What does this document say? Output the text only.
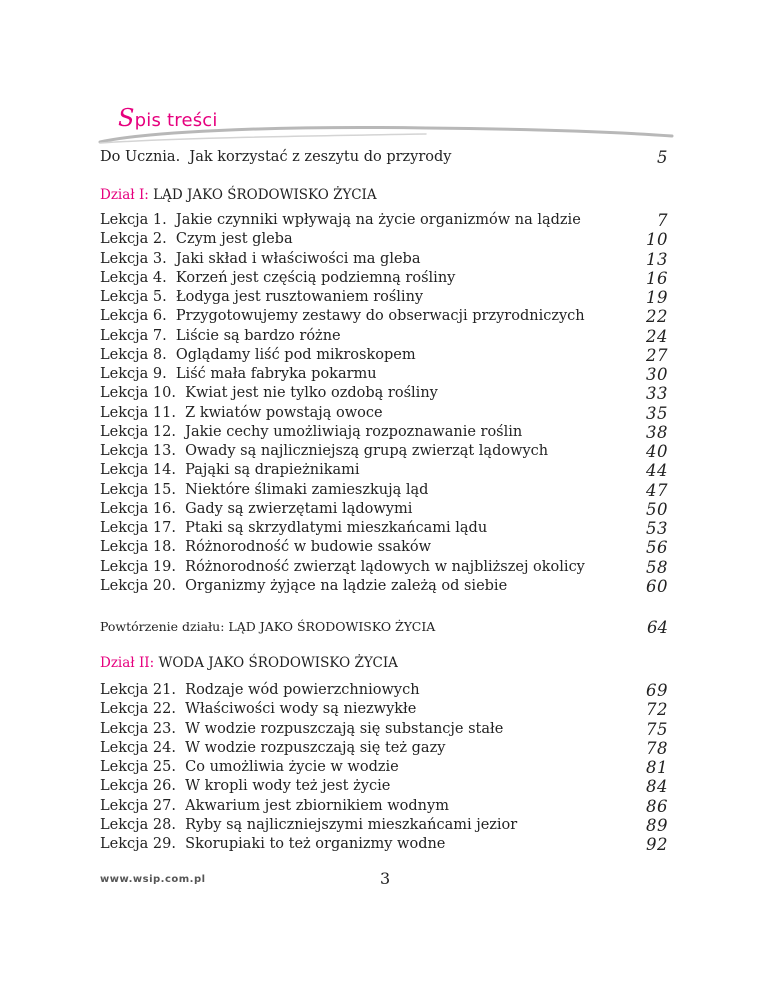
Spis treści
Do Ucznia. Jak korzystać z zeszytu do przyrody	5
Dział I: LĄD JAKO ŚRODOWISKO ŻYCIA
Lekcja 1. Jakie czynniki wpływają na życie organizmów na lądzie	7
Lekcja 2. Czym jest gleba	10
Lekcja 3. Jaki skład i właściwości ma gleba	13
Lekcja 4. Korzeń jest częścią podziemną rośliny	16
Lekcja 5. Łodyga jest rusztowaniem rośliny	19
Lekcja 6. Przygotowujemy zestawy do obserwacji przyrodniczych	22
Lekcja 7. Liście są bardzo różne	24
Lekcja 8. Oglądamy liść pod mikroskopem	27
Lekcja 9. Liść mała fabryka pokarmu	30
Lekcja 10. Kwiat jest nie tylko ozdobą rośliny	33
Lekcja 11. Z kwiatów powstają owoce	35
Lekcja 12. Jakie cechy umożliwiają rozpoznawanie roślin	38
Lekcja 13. Owady są najliczniejszą grupą zwierząt lądowych	40
Lekcja 14. Pająki są drapieżnikami	44
Lekcja 15. Niektóre ślimaki zamieszkują ląd	47
Lekcja 16. Gady są zwierzętami lądowymi	50
Lekcja 17. Ptaki są skrzydlatymi mieszkańcami lądu	53
Lekcja 18. Różnorodność w budowie ssaków	56
Lekcja 19. Różnorodność zwierząt lądowych w najbliższej okolicy	58
Lekcja 20. Organizmy żyjące na lądzie zależą od siebie	60
Powtórzenie działu: LĄD JAKO ŚRODOWISKO ŻYCIA	64
Dział II: WODA JAKO ŚRODOWISKO ŻYCIA
Lekcja 21. Rodzaje wód powierzchniowych	69
Lekcja 22. Właściwości wody są niezwykłe	72
Lekcja 23. W wodzie rozpuszczają się substancje stałe	75
Lekcja 24. W wodzie rozpuszczają się też gazy	78
Lekcja 25. Co umożliwia życie w wodzie	81
Lekcja 26. W kropli wody też jest życie	84
Lekcja 27. Akwarium jest zbiornikiem wodnym	86
Lekcja 28. Ryby są najliczniejszymi mieszkańcami jezior	89
Lekcja 29. Skorupiaki to też organizmy wodne	92
www.wsip.com.pl	3
